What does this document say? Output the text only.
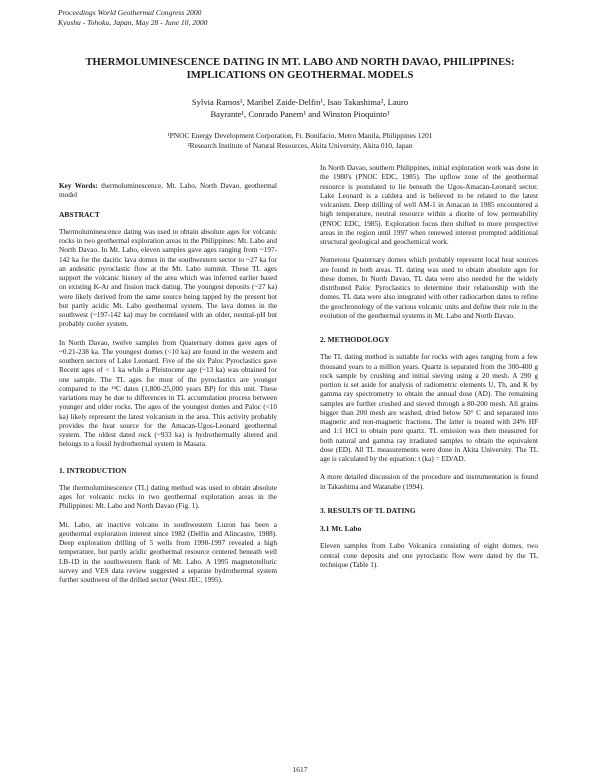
Proceedings World Geothermal Congress 2000
Kyushu - Tohoku, Japan, May 28 - June 10, 2000
THERMOLUMINESCENCE DATING IN MT. LABO AND NORTH DAVAO, PHILIPPINES:
IMPLICATIONS ON GEOTHERMAL MODELS
Sylvia Ramos¹, Maribel Zaide-Delfin¹, Isao Takashima², Lauro Bayrante¹, Conrado Panem¹ and Winston Pioquinto¹
¹PNOC Energy Development Corporation, Ft. Bonifacio, Metro Manila, Philippines 1201
²Research Institute of Natural Resources, Akita University, Akita 010, Japan

Key Words: thermoluminescence, Mt. Labo, North Davao, geothermal model

ABSTRACT

Thermoluminescence dating was used to obtain absolute ages for volcanic rocks in two geothermal exploration areas in the Philippines: Mt. Labo and North Davao. In Mt. Labo, eleven samples gave ages ranging from ~197-142 ka for the dacitic lava domes in the southwestern sector to ~27 ka for an andesitic pyroclastic flow at the Mt. Labo summit. These TL ages support the volcanic history of the area which was inferred earlier based on existing K-Ar and fission track dating. The youngest deposits (~27 ka) were likely derived from the same source being tapped by the present hot but partly acidic Mt. Labo geothermal system. The lava domes in the southwest (~197-142 ka) may be correlated with an older, neutral-pH but probably cooler system.

In North Davao, twelve samples from Quaternary domes gave ages of ~0.21-238 ka. The youngest domes (<10 ka) are found in the western and southern sectors of Lake Leonard. Five of the six Paloc Pyroclastics gave Recent ages of < 1 ka while a Pleistocene age (~13 ka) was obtained for one sample. The TL ages for most of the pyroclastics are younger compared to the ¹⁴C dates (1,800-25,000 years BP) for this unit. These variations may be due to differences in TL accumulation process between younger and older rocks. The ages of the youngest domes and Paloc (<10 ka) likely represent the latest volcanism in the area. This activity probably provides the heat source for the Amacan-Ugos-Leonard geothermal system. The oldest dated rock (~933 ka) is hydrothermally altered and belongs to a fossil hydrothermal system in Masara.

1. INTRODUCTION

The thermoluminescence (TL) dating method was used to obtain absolute ages for volcanic rocks in two geothermal exploration areas in the Philippines: Mt. Labo and North Davao (Fig. 1).

Mt. Labo, an inactive volcano in southwestern Luzon has been a geothermal exploration interest since 1982 (Delfin and Alincastre, 1988). Deep exploration drilling of 5 wells from 1990-1997 revealed a high temperature, but partly acidic geothermal resource centered beneath well LB-1D in the southwestern flank of Mt. Labo. A 1995 magnetotelluric survey and VES data review suggested a separate hydrothermal system further southwest of the drilled sector (West JEC, 1995).

In North Davao, southern Philippines, initial exploration work was done in the 1980's (PNOC EDC, 1985). The upflow zone of the geothermal resource is postulated to lie beneath the Ugos-Amacan-Leonard sector. Lake Leonard is a caldera and is believed to be related to the latest volcanism. Deep drilling of well AM-1 in Amacan in 1985 encountered a high temperature, neutral resource within a diorite of low permeability (PNOC EDC, 1985). Exploration focus then shifted to more prospective areas in the region until 1997 when renewed interest prompted additional structural geological and geochemical work.

Numerous Quaternary domes which probably represent local heat sources are found in both areas. TL dating was used to obtain absolute ages for these domes. In North Davao, TL data were also needed for the widely distributed Paloc Pyroclastics to determine their relationship with the domes. TL data were also integrated with other radiocarbon dates to refine the geochronology of the various volcanic units and define their role in the evolution of the geothermal systems in Mt. Labo and North Davao.

2. METHODOLOGY

The TL dating method is suitable for rocks with ages ranging from a few thousand years to a million years. Quartz is separated from the 300-400 g rock sample by crushing and initial sieving using a 20 mesh. A 290 g portion is set aside for analysis of radiometric elements U, Th, and K by gamma ray spectrometry to obtain the annual dose (AD). The remaining samples are further crushed and sieved through a 80-200 mesh. All grains bigger than 200 mesh are washed, dried below 50° C and separated into magnetic and non-magnetic fractions. The latter is treated with 24% HF and 1:1 HCl to obtain pure quartz. TL emission was then measured for both natural and gamma ray irradiated samples to obtain the equivalent dose (ED). All TL measurements were done in Akita University. The TL age is calculated by the equation: t (ka) = ED/AD.

A more detailed discussion of the procedure and instrumentation is found in Takashima and Watanabe (1994).

3. RESULTS OF TL DATING
3.1 Mt. Labo

Eleven samples from Labo Volcanics consisting of eight domes, two central cone deposits and one pyroclastic flow were dated by the TL technique (Table 1).

1617
